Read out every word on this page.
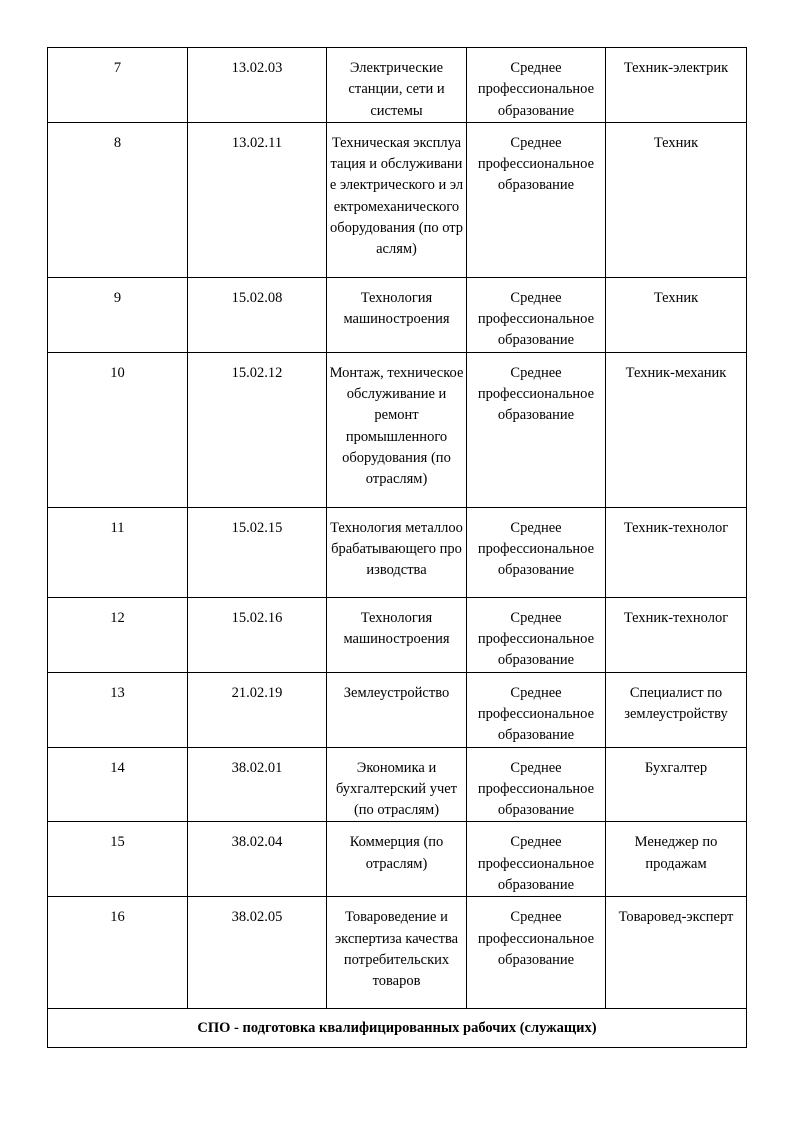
7	13.02.03	Электрические станции, сети и системы	Среднее профессиональное образование	Техник-электрик
8	13.02.11	Техническая эксплуатация и обслуживание электрического и электромеханического оборудования (по отраслям)	Среднее профессиональное образование	Техник
9	15.02.08	Технология машиностроения	Среднее профессиональное образование	Техник
10	15.02.12	Монтаж, техническое обслуживание и ремонт промышленного оборудования (по отраслям)	Среднее профессиональное образование	Техник-механик
11	15.02.15	Технология металлообрабатывающего производства	Среднее профессиональное образование	Техник-технолог
12	15.02.16	Технология машиностроения	Среднее профессиональное образование	Техник-технолог
13	21.02.19	Землеустройство	Среднее профессиональное образование	Специалист по землеустройству
14	38.02.01	Экономика и бухгалтерский учет (по отраслям)	Среднее профессиональное образование	Бухгалтер
15	38.02.04	Коммерция (по отраслям)	Среднее профессиональное образование	Менеджер по продажам
16	38.02.05	Товароведение и экспертиза качества потребительских товаров	Среднее профессиональное образование	Товаровед-эксперт
СПО - подготовка квалифицированных рабочих (служащих)				
